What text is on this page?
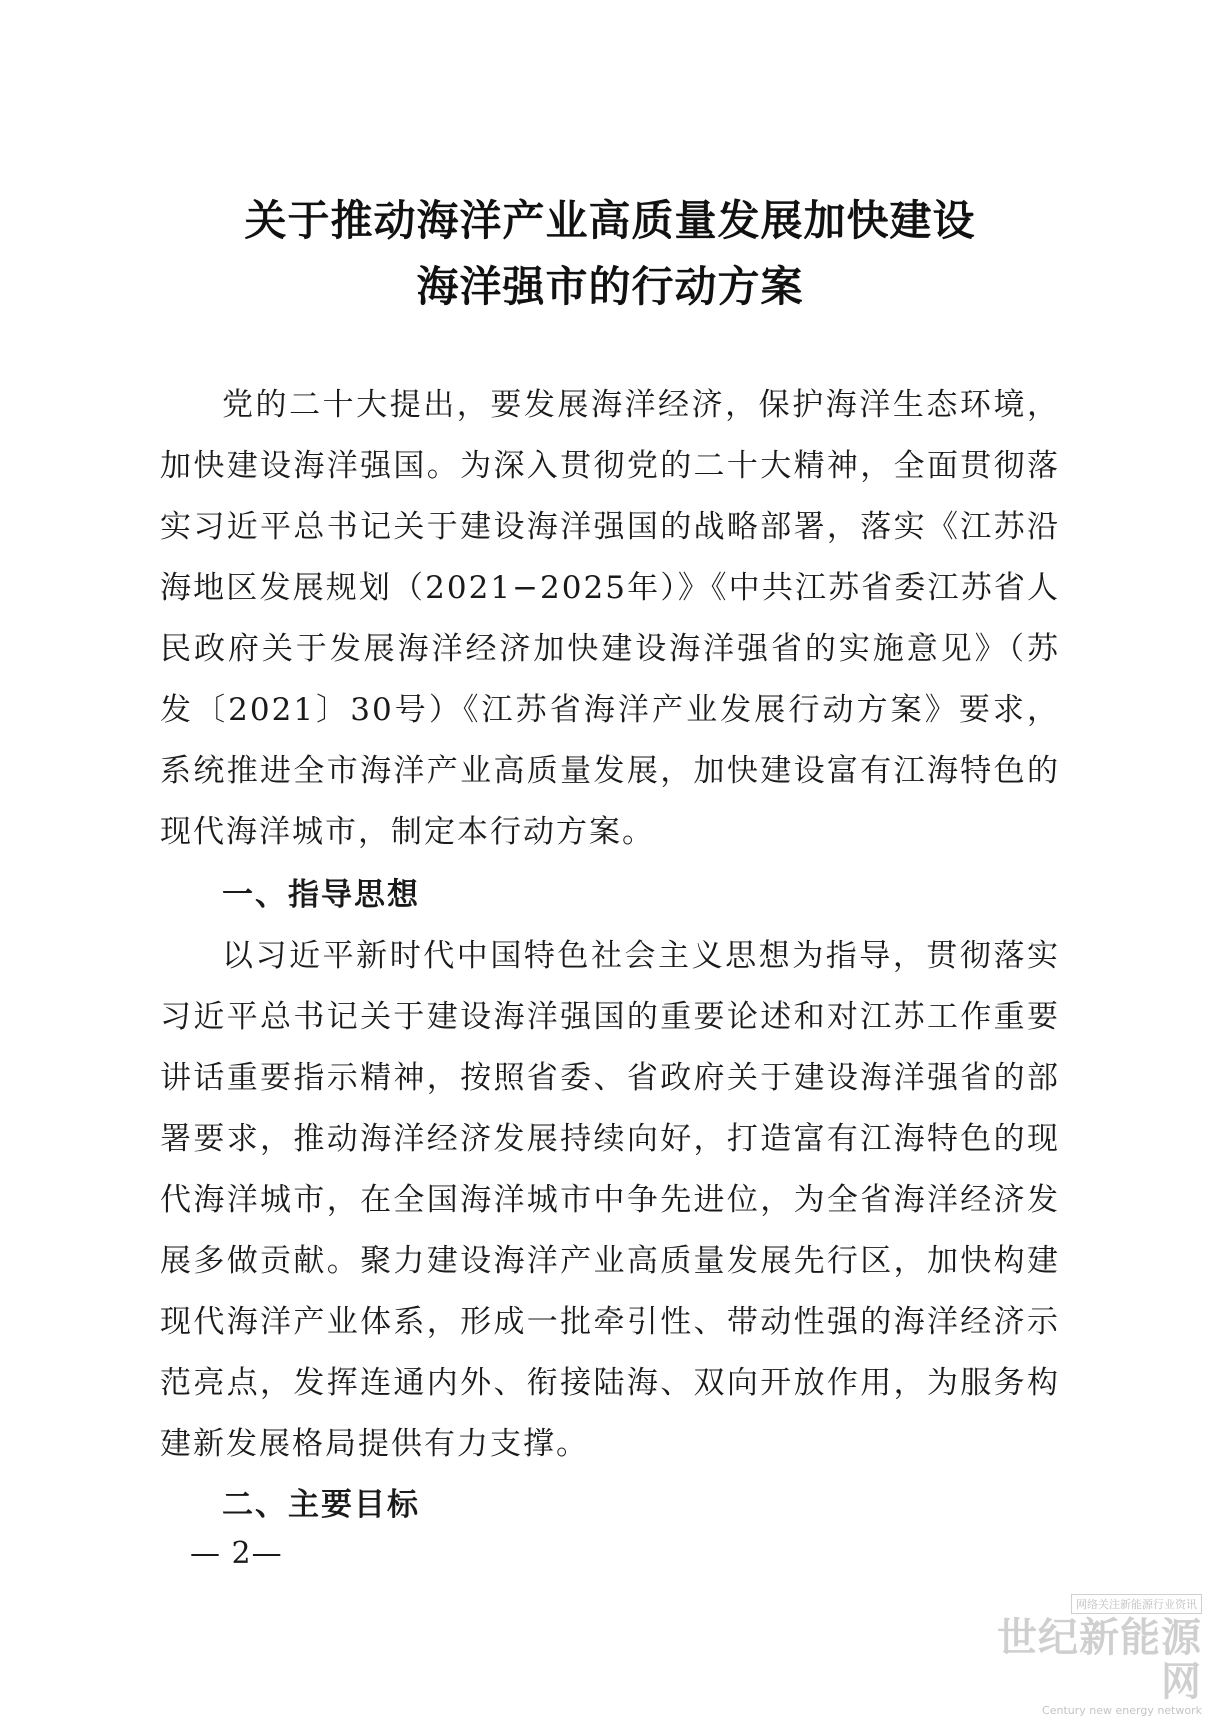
关于推动海洋产业高质量发展加快建设
海洋强市的行动方案

党的二十大提出，要发展海洋经济，保护海洋生态环境，加快建设海洋强国。为深入贯彻党的二十大精神，全面贯彻落实习近平总书记关于建设海洋强国的战略部署，落实《江苏沿海地区发展规划（2021−2025年）》《中共江苏省委江苏省人民政府关于发展海洋经济加快建设海洋强省的实施意见》（苏发〔2021〕30号）《江苏省海洋产业发展行动方案》要求，系统推进全市海洋产业高质量发展，加快建设富有江海特色的现代海洋城市，制定本行动方案。

一、指导思想

以习近平新时代中国特色社会主义思想为指导，贯彻落实习近平总书记关于建设海洋强国的重要论述和对江苏工作重要讲话重要指示精神，按照省委、省政府关于建设海洋强省的部署要求，推动海洋经济发展持续向好，打造富有江海特色的现代海洋城市，在全国海洋城市中争先进位，为全省海洋经济发展多做贡献。聚力建设海洋产业高质量发展先行区，加快构建现代海洋产业体系，形成一批牵引性、带动性强的海洋经济示范亮点，发挥连通内外、衔接陆海、双向开放作用，为服务构建新发展格局提供有力支撑。

二、主要目标

— 2—
网络关注新能源行业资讯
世纪新能源网
Century new energy network
